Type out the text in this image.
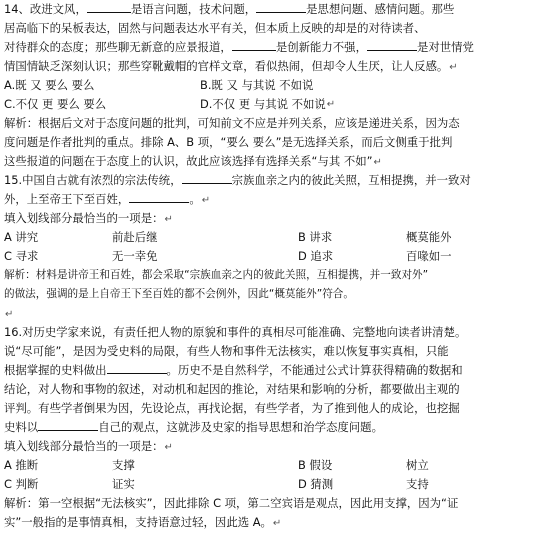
14、改进文风，	是语言问题，技术问题，	是思想问题、感情问题。那些
居高临下的呆板表达，固然与问题表达水平有关，但本质上反映的却是的对待读者、
对待群众的态度；那些聊无新意的应景报道，	是创新能力不强，	是对世情党
情国情缺乏深刻认识；那些穿靴戴帽的官样文章，看似热闹，但却令人生厌，让人反感。↵
A.既 又 要么 要么	B.既 又 与其说 不如说
C.不仅 更 要么 要么	D.不仅 更 与其说 不如说 ↵
解析：根据后文对于态度问题的批判，可知前文不应是并列关系，应该是递进关系，因为态
度问题是作者批判的重点。排除 A、B 项，“要么 要么”是无选择关系，而后文侧重于批判
这些报道的问题在于态度上的认识，故此应该选择有选择关系“与其 不如”↵
15.中国自古就有浓烈的宗法传统，	宗族血亲之内的彼此关照，互相提携，并一致对
外，上至帝王下至百姓，	。↵
填入划线部分最恰当的一项是：↵
A 讲究	前赴后继	B 讲求	概莫能外
C 寻求	无一幸免	D 追求	百喙如一
解析：材料是讲帝王和百姓，都会采取“宗族血亲之内的彼此关照，互相提携，并一致对外”
的做法，强调的是上自帝王下至百姓的都不会例外，因此“概莫能外”符合。
↵
16.对历史学家来说，有责任把人物的原貌和事件的真相尽可能准确、完整地向读者讲清楚。
说“尽可能”，是因为受史料的局限，有些人物和事件无法核实，难以恢复事实真相，只能
根据掌握的史料做出	。历史不是自然科学，不能通过公式计算获得精确的数据和
结论，对人物和事物的叙述，对动机和起因的推论，对结果和影响的分析，都要做出主观的
评判。有些学者倒果为因，先设论点，再找论据，有些学者，为了推到他人的成论，也挖掘
史料以	自己的观点，这就涉及史家的指导思想和治学态度问题。
填入划线部分最恰当的一项是：↵
A 推断	支撑	B 假设	树立
C 判断	证实	D 猜测	支持
解析：第一空根据“无法核实”，因此排除 C 项，第二空宾语是观点，因此用支撑，因为“证
实”一般指的是事情真相，支持语意过轻，因此选 A。↵
